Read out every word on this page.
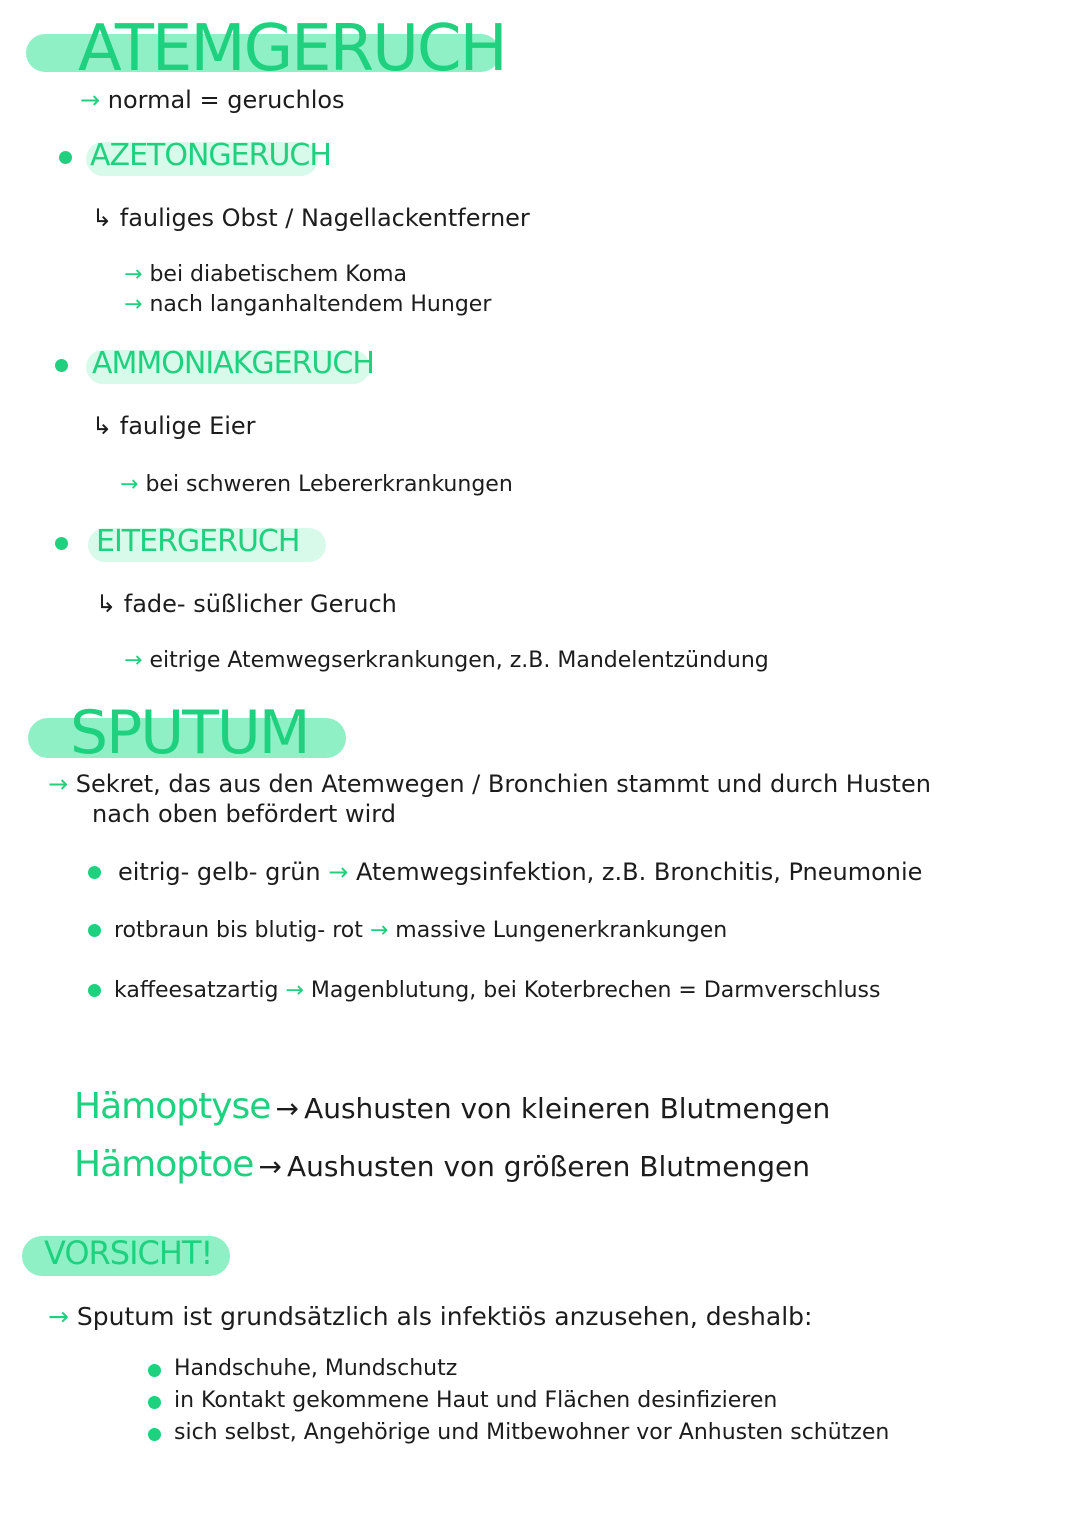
ATEMGERUCH
→ normal = geruchlos
AZETONGERUCH
↳ fauliges Obst / Nagellackentferner
→ bei diabetischem Koma
→ nach langanhaltendem Hunger
AMMONIAKGERUCH
↳ faulige Eier
→ bei schweren Lebererkrankungen
EITERGERUCH
↳ fade- süßlicher Geruch
→ eitrige Atemwegserkrankungen, z.B. Mandelentzündung
SPUTUM
→ Sekret, das aus den Atemwegen / Bronchien stammt und durch Husten
nach oben befördert wird
eitrig- gelb- grün → Atemwegsinfektion, z.B. Bronchitis, Pneumonie
rotbraun bis blutig- rot → massive Lungenerkrankungen
kaffeesatzartig → Magenblutung, bei Koterbrechen = Darmverschluss
Hämoptyse → Aushusten von kleineren Blutmengen
Hämoptoe → Aushusten von größeren Blutmengen
VORSICHT!
→ Sputum ist grundsätzlich als infektiös anzusehen, deshalb:
Handschuhe, Mundschutz
in Kontakt gekommene Haut und Flächen desinfizieren
sich selbst, Angehörige und Mitbewohner vor Anhusten schützen
